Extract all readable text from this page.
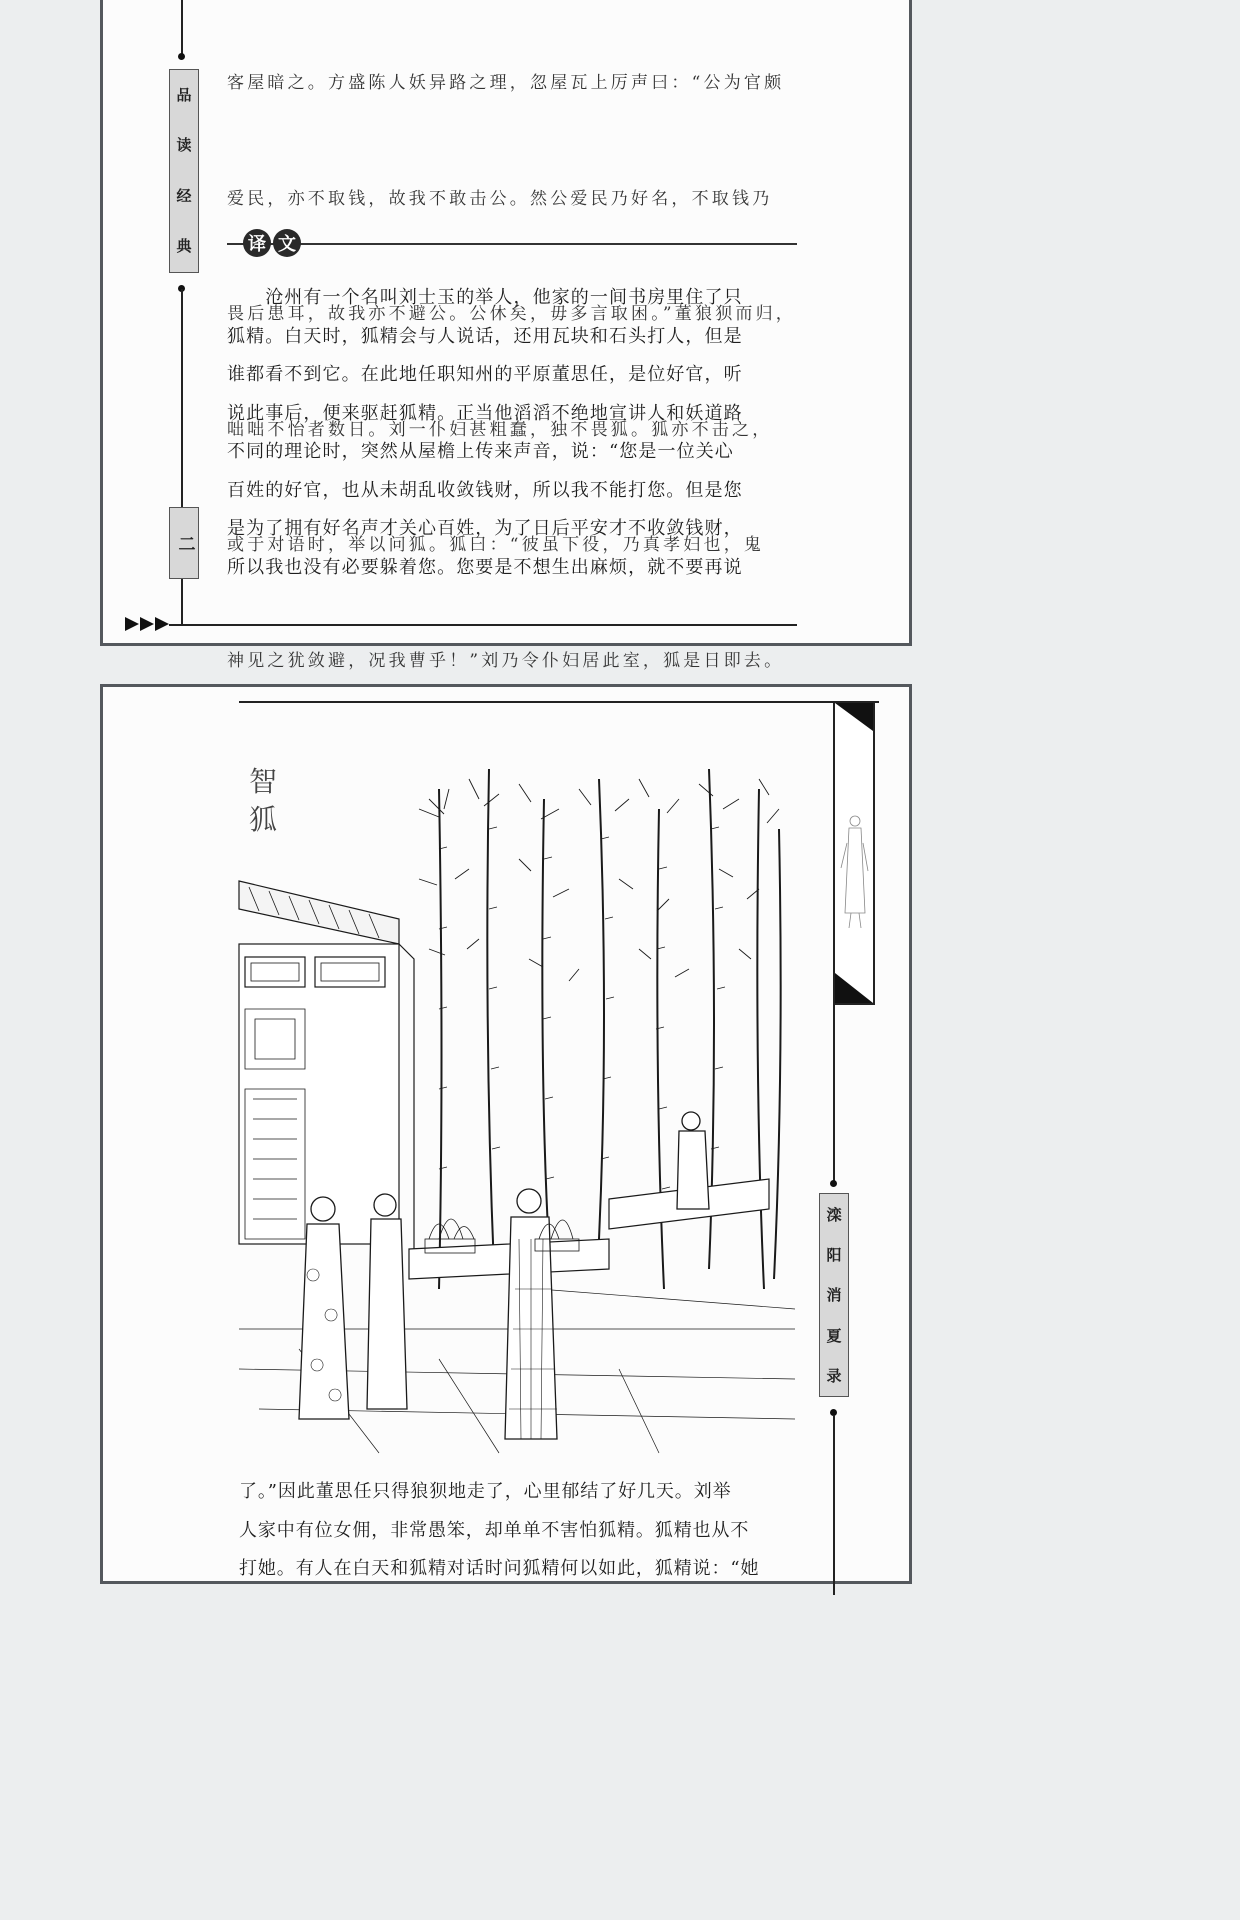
品
读
经
典
二

客屋暗之。方盛陈人妖异路之理，忽屋瓦上厉声曰：“公为官颇

爱民，亦不取钱，故我不敢击公。然公爱民乃好名，不取钱乃

畏后患耳，故我亦不避公。公休矣，毋多言取困。”董狼狈而归，

咄咄不怡者数日。刘一仆妇甚粗蠢，独不畏狐。狐亦不击之，

或于对语时，举以问狐。狐曰：“彼虽下役，乃真孝妇也，鬼

神见之犹敛避，况我曹乎！”刘乃令仆妇居此室，狐是日即去。

译 文
　　沧州有一个名叫刘士玉的举人，他家的一间书房里住了只
狐精。白天时，狐精会与人说话，还用瓦块和石头打人，但是
谁都看不到它。在此地任职知州的平原董思任，是位好官，听
说此事后，便来驱赶狐精。正当他滔滔不绝地宣讲人和妖道路
不同的理论时，突然从屋檐上传来声音，说：“您是一位关心
百姓的好官，也从未胡乱收敛钱财，所以我不能打您。但是您
是为了拥有好名声才关心百姓，为了日后平安才不收敛钱财，
所以我也没有必要躲着您。您要是不想生出麻烦，就不要再说
智
狐
滦
阳
消
夏
录
了。”因此董思任只得狼狈地走了，心里郁结了好几天。刘举
人家中有位女佣，非常愚笨，却单单不害怕狐精。狐精也从不
打她。有人在白天和狐精对话时问狐精何以如此，狐精说：“她
